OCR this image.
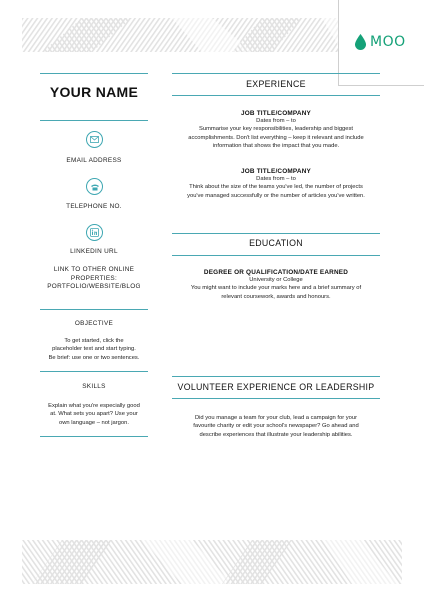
MOO
YOUR NAME
EMAIL ADDRESS
TELEPHONE NO.
LINKEDIN URL
LINK TO OTHER ONLINE
PROPERTIES:
PORTFOLIO/WEBSITE/BLOG
OBJECTIVE
To get started, click the
placeholder text and start typing.
Be brief: use one or two sentences.
SKILLS
Explain what you're especially good
at. What sets you apart? Use your
own language – not jargon.
EXPERIENCE
JOB TITLE/COMPANY
Dates from – to
Summarise your key responsibilities, leadership and biggest
accomplishments. Don't list everything – keep it relevant and include
information that shows the impact that you made.
JOB TITLE/COMPANY
Dates from – to
Think about the size of the teams you've led, the number of projects
you've managed successfully or the number of articles you've written.
EDUCATION
DEGREE OR QUALIFICATION/DATE EARNED
University or College
You might want to include your marks here and a brief summary of
relevant coursework, awards and honours.
VOLUNTEER EXPERIENCE OR LEADERSHIP
Did you manage a team for your club, lead a campaign for your
favourite charity or edit your school's newspaper? Go ahead and
describe experiences that illustrate your leadership abilities.
